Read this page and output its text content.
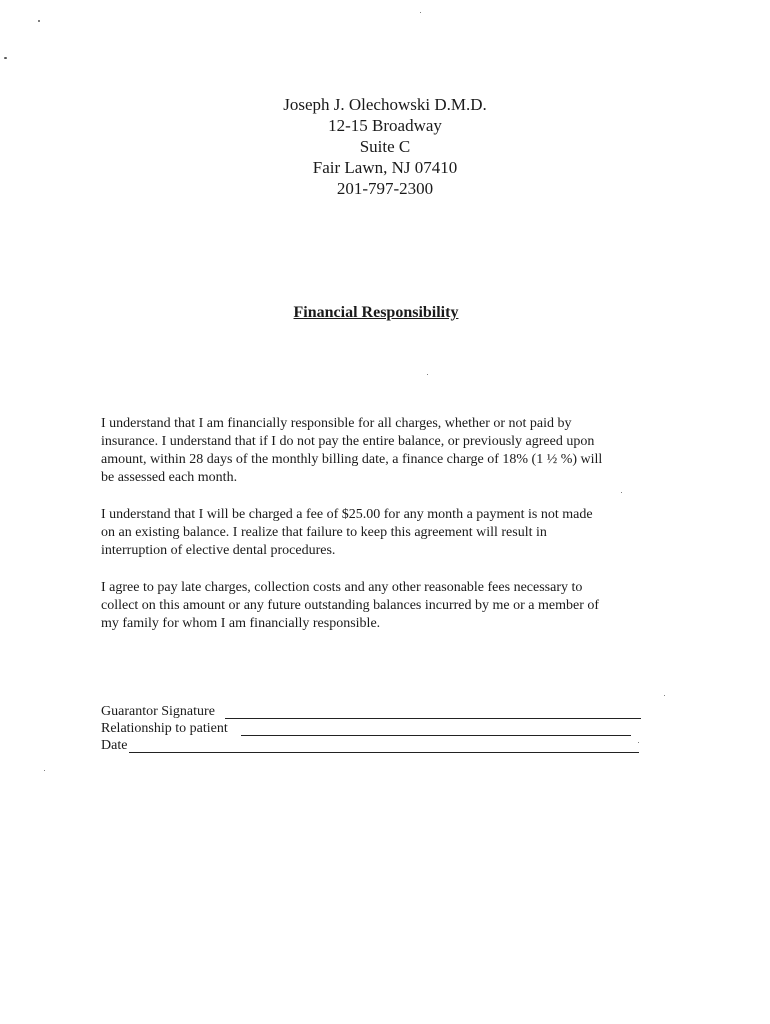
Joseph J. Olechowski D.M.D.
12-15 Broadway
Suite C
Fair Lawn, NJ 07410
201-797-2300
Financial Responsibility

I understand that I am financially responsible for all charges, whether or not paid by
insurance. I understand that if I do not pay the entire balance, or previously agreed upon
amount, within 28 days of the monthly billing date, a finance charge of 18% (1 ½ %) will
be assessed each month.

I understand that I will be charged a fee of $25.00 for any month a payment is not made
on an existing balance. I realize that failure to keep this agreement will result in
interruption of elective dental procedures.

I agree to pay late charges, collection costs and any other reasonable fees necessary to
collect on this amount or any future outstanding balances incurred by me or a member of
my family for whom I am financially responsible.

Guarantor Signature
Relationship to patient
Date
